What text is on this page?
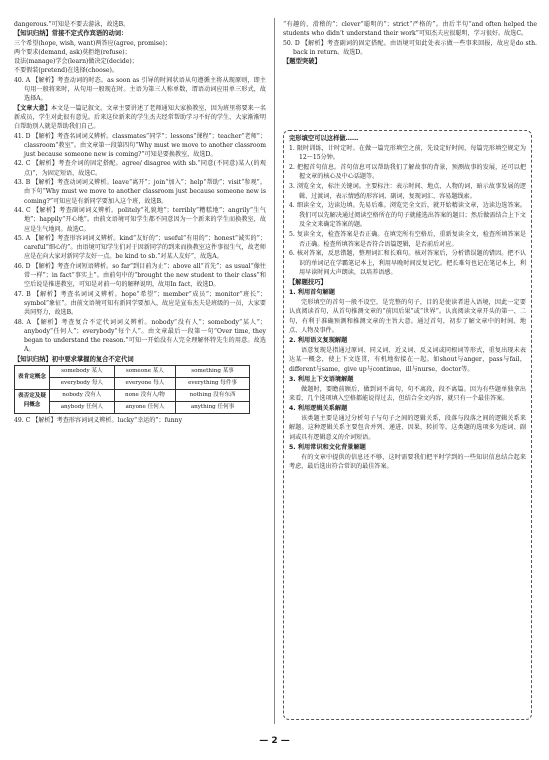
dangerous.”可知是不要去游泳，故选B。

【知识归纳】常接不定式作宾语的动词：

三个希望(hope, wish, want)两答应(agree, promise)；

两个要求(demand, ask)莫拒绝(refuse)；

设法(manage)学会(learn)做决定(decide)；

不要假装(pretend)在选择(choose)。

40. A 【解析】考查动词的时态。as soon as 引导的时间状语从句遵循主将从现原则，即主句用一般将来时，从句用一般现在时。主语为第三人称单数，谓语动词应用单三形式，故选择A。

【文章大意】本文是一篇记叙文。文章主要讲述了老师通知大家换教室，因为班里将要来一名新成员，学生对此很有意见。后来这位新来的学生杰夫经常帮助学习不好的学生，大家渐渐明白帮助别人就是帮助我们自己。

41. D 【解析】考查名词词义辨析。classmates“同学”；lessons“课程”；teacher“老师”；classroom“教室”。由文章第一段第四句“Why must we move to another classroom just because someone new is coming?”可知是要换教室，故选D。

42. C 【解析】考查介词的固定搭配。agree/ disagree with sb.“同意(不同意)某人(的观点)”，为固定短语，故选C。

43. B 【解析】考查动词词义辨析。leave“离开”；join“加入”；help“帮助”；visit“参观”。由下句“Why must we move to another classroom just because someone new is coming?”可知应是有新同学要加入这个班，故选B。

44. C 【解析】考查副词词义辨析。politely“礼貌地”；terribly“糟糕地”；angrily“生气地”；happily“开心地”。由前文语境可知学生都不同意因为一个新来的学生而换教室，故应是生气地问。故选C。

45. A 【解析】考查形容词词义辨析。kind“友好的”；useful“有用的”；honest“诚实的”；careful“细心的”。由语境可知学生们对于因新同学的到来而换教室这件事很生气，故老师应是在向大家对新同学友好一点。be kind to sb.“对某人友好”，故选A。

46. D 【解析】考查介词短语辨析。so far“到目前为止”；above all“首先”；as usual“像往常一样”；in fact“事实上”。由前句中的“brought the new student to their class”和空后说是推进教室，可知是对前一句的解释说明，故用In fact，故选D。

47. B 【解析】考查名词词义辨析。hope“希望”；member“成员”；monitor“班长”；symbol“象征”。由前文语境可知有新同学要加入，故应是宣布杰夫是班级的一员，大家要共同努力，故选B。

48. A 【解析】考查复合不定代词词义辨析。nobody“没有人”；somebody“某人”；anybody“任何人”；everybody“每个人”。由文章最后一段第一句“Over time, they began to understand the reason.”可知一开始没有人完全理解怀特先生的用意。故选A。

【知识归纳】初中要求掌握的复合不定代词

表肯定概念	somebody 某人	someone 某人	something 某事
	everybody 每人	everyone 每人	everything 每件事
表否定及疑问概念	nobody 没有人	none 没有人/物	nothing 没有东西
	anybody 任何人	anyone 任何人	anything 任何事

49. C 【解析】考查形容词词义辨析。lucky“幸运的”；funny

“有趣的，滑稽的”；clever“聪明的”；strict“严格的”。由后半句“and often helped the students who didn’t understand their work”可知杰夫应很聪明，学习很好。故选C。

50. D 【解析】考查副词的固定搭配。由语境可知此处表示做一些事来回报，故应是do sth. back in return。故选D。

【题型突破】

完形填空可以这样做……

1. 限时训练，计时定时。在做一篇完形填空之前，先设定好时间，每篇完形填空规定为12～15分钟。

2. 把握首句信息。首句信息可以帮助我们了解故事的背景，预测故事的发展，还可以把握文章的核心及中心话题等。

3. 浏览全文，标注关键词。主要标注：表示时间、地点、人物的词，暗示故事发展的逻辑、过渡词，表示情感的形容词、副词，复现词汇、容易题线索。

4. 细读全文，边读边填。先易后难。浏览完全文后，就开始精读文章，边读边选答案。我们可以先解决通过阅读空格所在的句子就能选出答案的题目；然后做需结合上下文及全文来确定答案的题。

5. 复读全文，检查答案是否正确。在填完所有空格后，重新复读全文，检查所填答案是否正确。检查所填答案是否符合语篇逻辑，是否前后对应。

6. 核对答案，反思错题，整理词汇和长难句。核对答案后，分析错误题的错因。把不认识的单词记在学霸笔记本上，利用早晚时间反复记忆。把长难句也记在笔记本上，利用早读时间大声朗读，以培养语感。

【解题技巧】

1. 利用首句解题

完形填空的首句一般不设空，是完整的句子，目的是使读者进入语境，因此一定要认真阅读首句，从首句推测文章的“前因后果”或“世界”。认真阅读文章开头的第一、二句，有利于准确预测和推测文章的主旨大意。通过首句，初步了解文章中的时间、地点、人物及事件。

2. 利用语义复现解题

语意复现是指通过原词、同义词、近义词、反义词或同根词等形式，重复出现未表达某一概念，使上下文连贯，有机地衔接在一起。如shout与anger，pass与fail，different与same，give up与continue，ill与nurse，doctor等。

3. 利用上下文语境解题

做题时，要瞻前顾后，做到词不离句，句不离段，段不离篇。因为有些题单独拿出来看，几个选项填入空格都能说得过去，但结合全文内容，就只有一个最佳答案。

4. 利用逻辑关系解题

该类题主要是通过分析句子与句子之间的逻辑关系，段落与段落之间的逻辑关系来解题。这种逻辑关系主要包含并列、递进、因果、转折等。这类题的选项多为连词、副词或具有逻辑意义的介词短语。

5. 利用常识和文化背景解题

有的文章中提供的信息还不够，这时需要我们把平时学到的一些知识信息结合起来考虑，最后选出符合常识的最佳答案。

— 2 —
